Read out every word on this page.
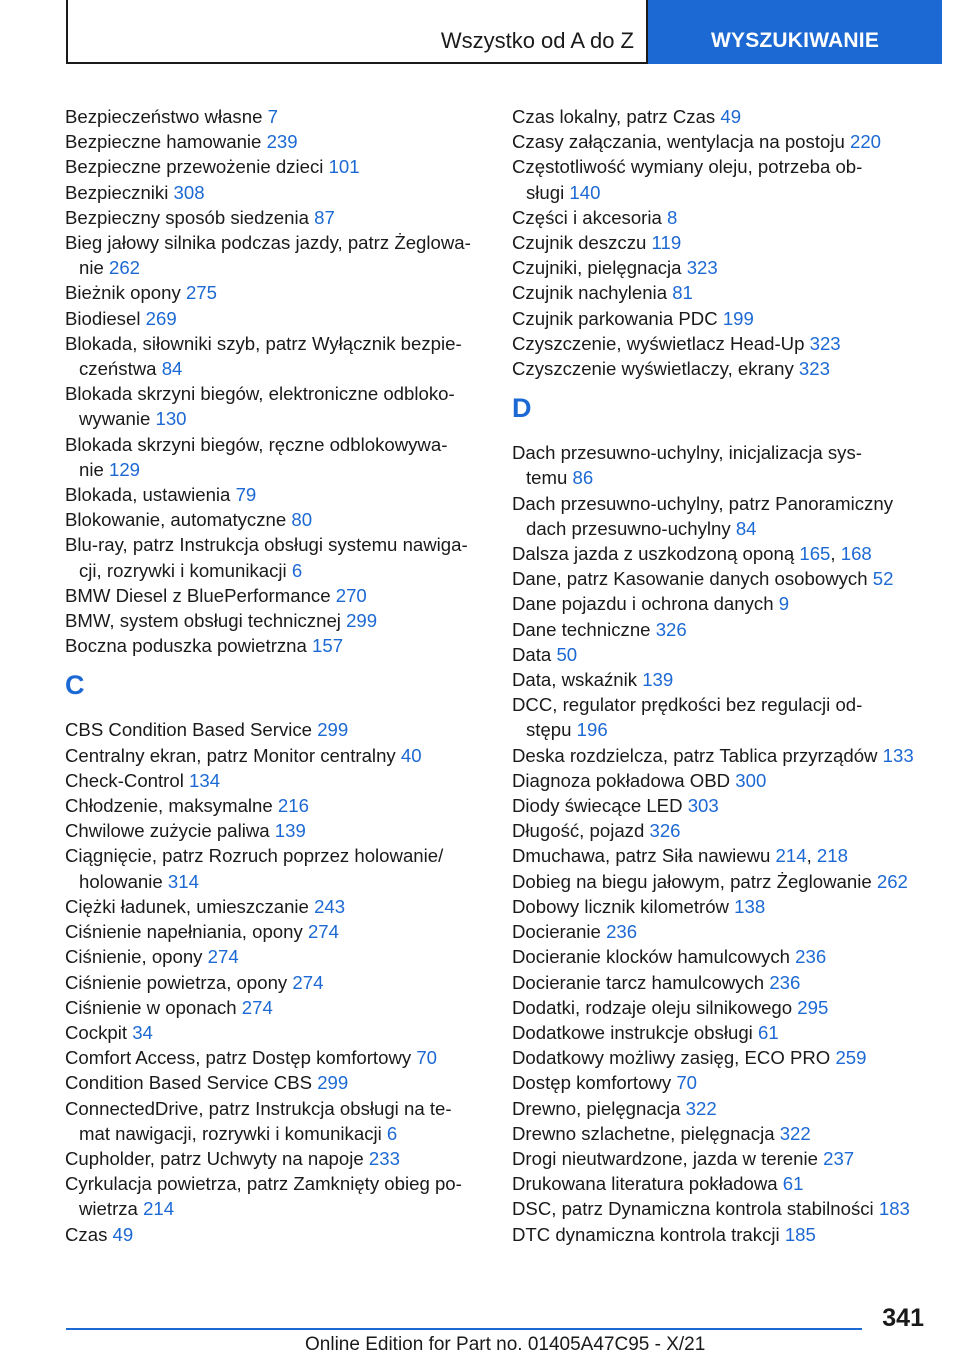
Wszystko od A do Z	WYSZUKIWANIE
Bezpieczeństwo własne 7
Bezpieczne hamowanie 239
Bezpieczne przewożenie dzieci 101
Bezpieczniki 308
Bezpieczny sposób siedzenia 87
Bieg jałowy silnika podczas jazdy, patrz Żeglowa‐
nie 262
Bieżnik opony 275
Biodiesel 269
Blokada, siłowniki szyb, patrz Wyłącznik bezpie‐
czeństwa 84
Blokada skrzyni biegów, elektroniczne odbloko‐
wywanie 130
Blokada skrzyni biegów, ręczne odblokowywa‐
nie 129
Blokada, ustawienia 79
Blokowanie, automatyczne 80
Blu-ray, patrz Instrukcja obsługi systemu nawiga‐
cji, rozrywki i komunikacji 6
BMW Diesel z BluePerformance 270
BMW, system obsługi technicznej 299
Boczna poduszka powietrzna 157
C
CBS Condition Based Service 299
Centralny ekran, patrz Monitor centralny 40
Check-Control 134
Chłodzenie, maksymalne 216
Chwilowe zużycie paliwa 139
Ciągnięcie, patrz Rozruch poprzez holowanie/
holowanie 314
Ciężki ładunek, umieszczanie 243
Ciśnienie napełniania, opony 274
Ciśnienie, opony 274
Ciśnienie powietrza, opony 274
Ciśnienie w oponach 274
Cockpit 34
Comfort Access, patrz Dostęp komfortowy 70
Condition Based Service CBS 299
ConnectedDrive, patrz Instrukcja obsługi na te‐
mat nawigacji, rozrywki i komunikacji 6
Cupholder, patrz Uchwyty na napoje 233
Cyrkulacja powietrza, patrz Zamknięty obieg po‐
wietrza 214
Czas 49
Czas lokalny, patrz Czas 49
Czasy załączania, wentylacja na postoju 220
Częstotliwość wymiany oleju, potrzeba ob‐
sługi 140
Części i akcesoria 8
Czujnik deszczu 119
Czujniki, pielęgnacja 323
Czujnik nachylenia 81
Czujnik parkowania PDC 199
Czyszczenie, wyświetlacz Head-Up 323
Czyszczenie wyświetlaczy, ekrany 323
D
Dach przesuwno-uchylny, inicjalizacja sys‐
temu 86
Dach przesuwno-uchylny, patrz Panoramiczny
dach przesuwno-uchylny 84
Dalsza jazda z uszkodzoną oponą 165, 168
Dane, patrz Kasowanie danych osobowych 52
Dane pojazdu i ochrona danych 9
Dane techniczne 326
Data 50
Data, wskaźnik 139
DCC, regulator prędkości bez regulacji od‐
stępu 196
Deska rozdzielcza, patrz Tablica przyrządów 133
Diagnoza pokładowa OBD 300
Diody świecące LED 303
Długość, pojazd 326
Dmuchawa, patrz Siła nawiewu 214, 218
Dobieg na biegu jałowym, patrz Żeglowanie 262
Dobowy licznik kilometrów 138
Docieranie 236
Docieranie klocków hamulcowych 236
Docieranie tarcz hamulcowych 236
Dodatki, rodzaje oleju silnikowego 295
Dodatkowe instrukcje obsługi 61
Dodatkowy możliwy zasięg, ECO PRO 259
Dostęp komfortowy 70
Drewno, pielęgnacja 322
Drewno szlachetne, pielęgnacja 322
Drogi nieutwardzone, jazda w terenie 237
Drukowana literatura pokładowa 61
DSC, patrz Dynamiczna kontrola stabilności 183
DTC dynamiczna kontrola trakcji 185
341
Online Edition for Part no. 01405A47C95 - X/21
